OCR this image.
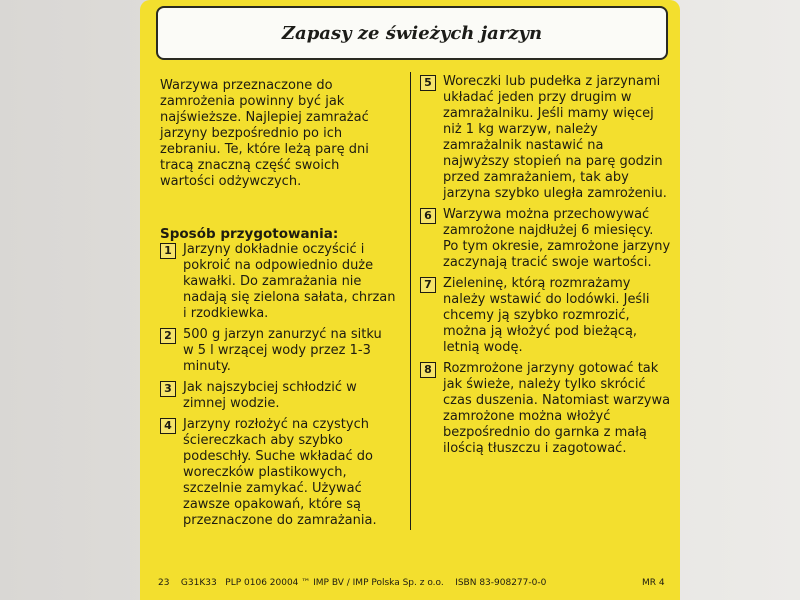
Zapasy ze świeżych jarzyn

Warzywa przeznaczone do zamrożenia powinny być jak najświeższe. Najlepiej zamrażać jarzyny bezpośrednio po ich zebraniu. Te, które leżą parę dni tracą znaczną część swoich wartości odżywczych.

Sposób przygotowania:

1 Jarzyny dokładnie oczyścić i pokroić na odpowiednio duże kawałki. Do zamrażania nie nadają się zielona sałata, chrzan i rzodkiewka.
2 500 g jarzyn zanurzyć na sitku w 5 l wrzącej wody przez 1-3 minuty.
3 Jak najszybciej schłodzić w zimnej wodzie.
4 Jarzyny rozłożyć na czystych ściereczkach aby szybko podeschły. Suche wkładać do woreczków plastikowych, szczelnie zamykać. Używać zawsze opakowań, które są przeznaczone do zamrażania.
5 Woreczki lub pudełka z jarzynami układać jeden przy drugim w zamrażalniku. Jeśli mamy więcej niż 1 kg warzyw, należy zamrażalnik nastawić na najwyższy stopień na parę godzin przed zamrażaniem, tak aby jarzyna szybko uległa zamrożeniu.
6 Warzywa można przechowywać zamrożone najdłużej 6 miesięcy. Po tym okresie, zamrożone jarzyny zaczynają tracić swoje wartości.
7 Zieleninę, którą rozmrażamy należy wstawić do lodówki. Jeśli chcemy ją szybko rozmrozić, można ją włożyć pod bieżącą, letnią wodę.
8 Rozmrożone jarzyny gotować tak jak świeże, należy tylko skrócić czas duszenia. Natomiast warzywa zamrożone można włożyć bezpośrednio do garnka z małą ilością tłuszczu i zagotować.
23 G31K33 PLP 0106 20004 ™ IMP BV / IMP Polska Sp. z o.o. ISBN 83-908277-0-0	MR 4
